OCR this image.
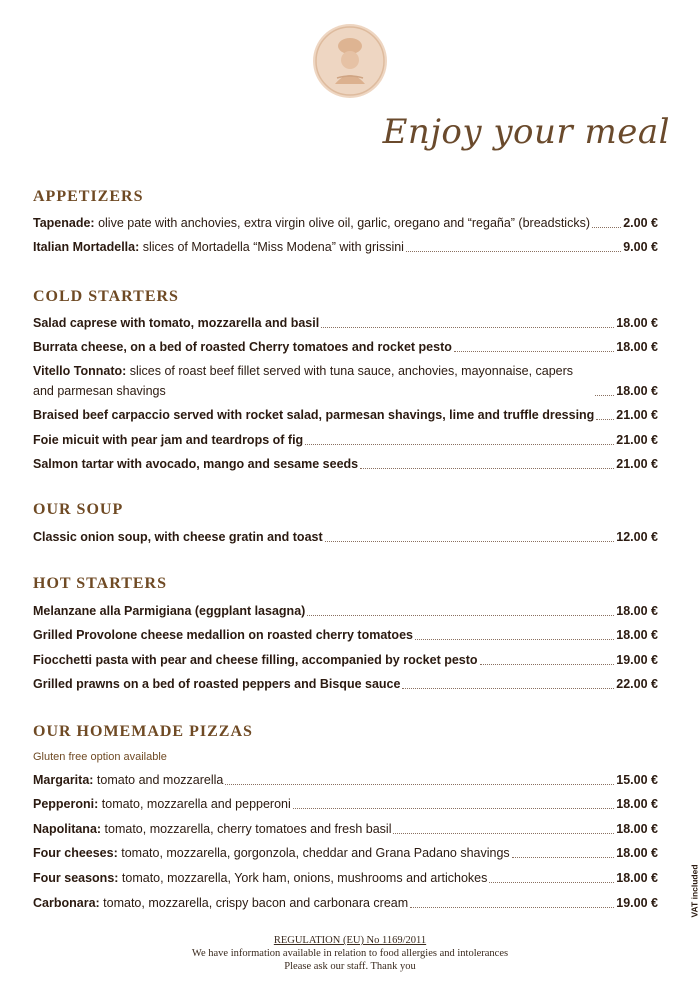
Enjoy your meal
APPETIZERS
Tapenade: olive pate with anchovies, extra virgin olive oil, garlic, oregano and “regaña” (breadsticks)	2.00 €
Italian Mortadella: slices of Mortadella “Miss Modena” with grissini	9.00 €
COLD STARTERS
Salad caprese with tomato, mozzarella and basil	18.00 €
Burrata cheese, on a bed of roasted Cherry tomatoes and rocket pesto	18.00 €
Vitello Tonnato: slices of roast beef fillet served with tuna sauce, anchovies, mayonnaise, capers and parmesan shavings	18.00 €
Braised beef carpaccio served with rocket salad, parmesan shavings, lime and truffle dressing 21.00 €
Foie micuit with pear jam and teardrops of fig	21.00 €
Salmon tartar with avocado, mango and sesame seeds	21.00 €
OUR SOUP
Classic onion soup, with cheese gratin and toast	12.00 €
HOT STARTERS
Melanzane alla Parmigiana (eggplant lasagna)	18.00 €
Grilled Provolone cheese medallion on roasted cherry tomatoes	18.00 €
Fiocchetti pasta with pear and cheese filling, accompanied by rocket pesto	19.00 €
Grilled prawns on a bed of roasted peppers and Bisque sauce	22.00 €
OUR HOMEMADE PIZZAS
Gluten free option available
Margarita: tomato and mozzarella	15.00 €
Pepperoni: tomato, mozzarella and pepperoni	18.00 €
Napolitana: tomato, mozzarella, cherry tomatoes and fresh basil	18.00 €
Four cheeses: tomato, mozzarella, gorgonzola, cheddar and Grana Padano shavings	18.00 €
Four seasons: tomato, mozzarella, York ham, onions, mushrooms and artichokes	18.00 €
Carbonara: tomato, mozzarella, crispy bacon and carbonara cream	19.00 €	VAT included
REGULATION (EU) No 1169/2011
We have information available in relation to food allergies and intolerances
Please ask our staff. Thank you
